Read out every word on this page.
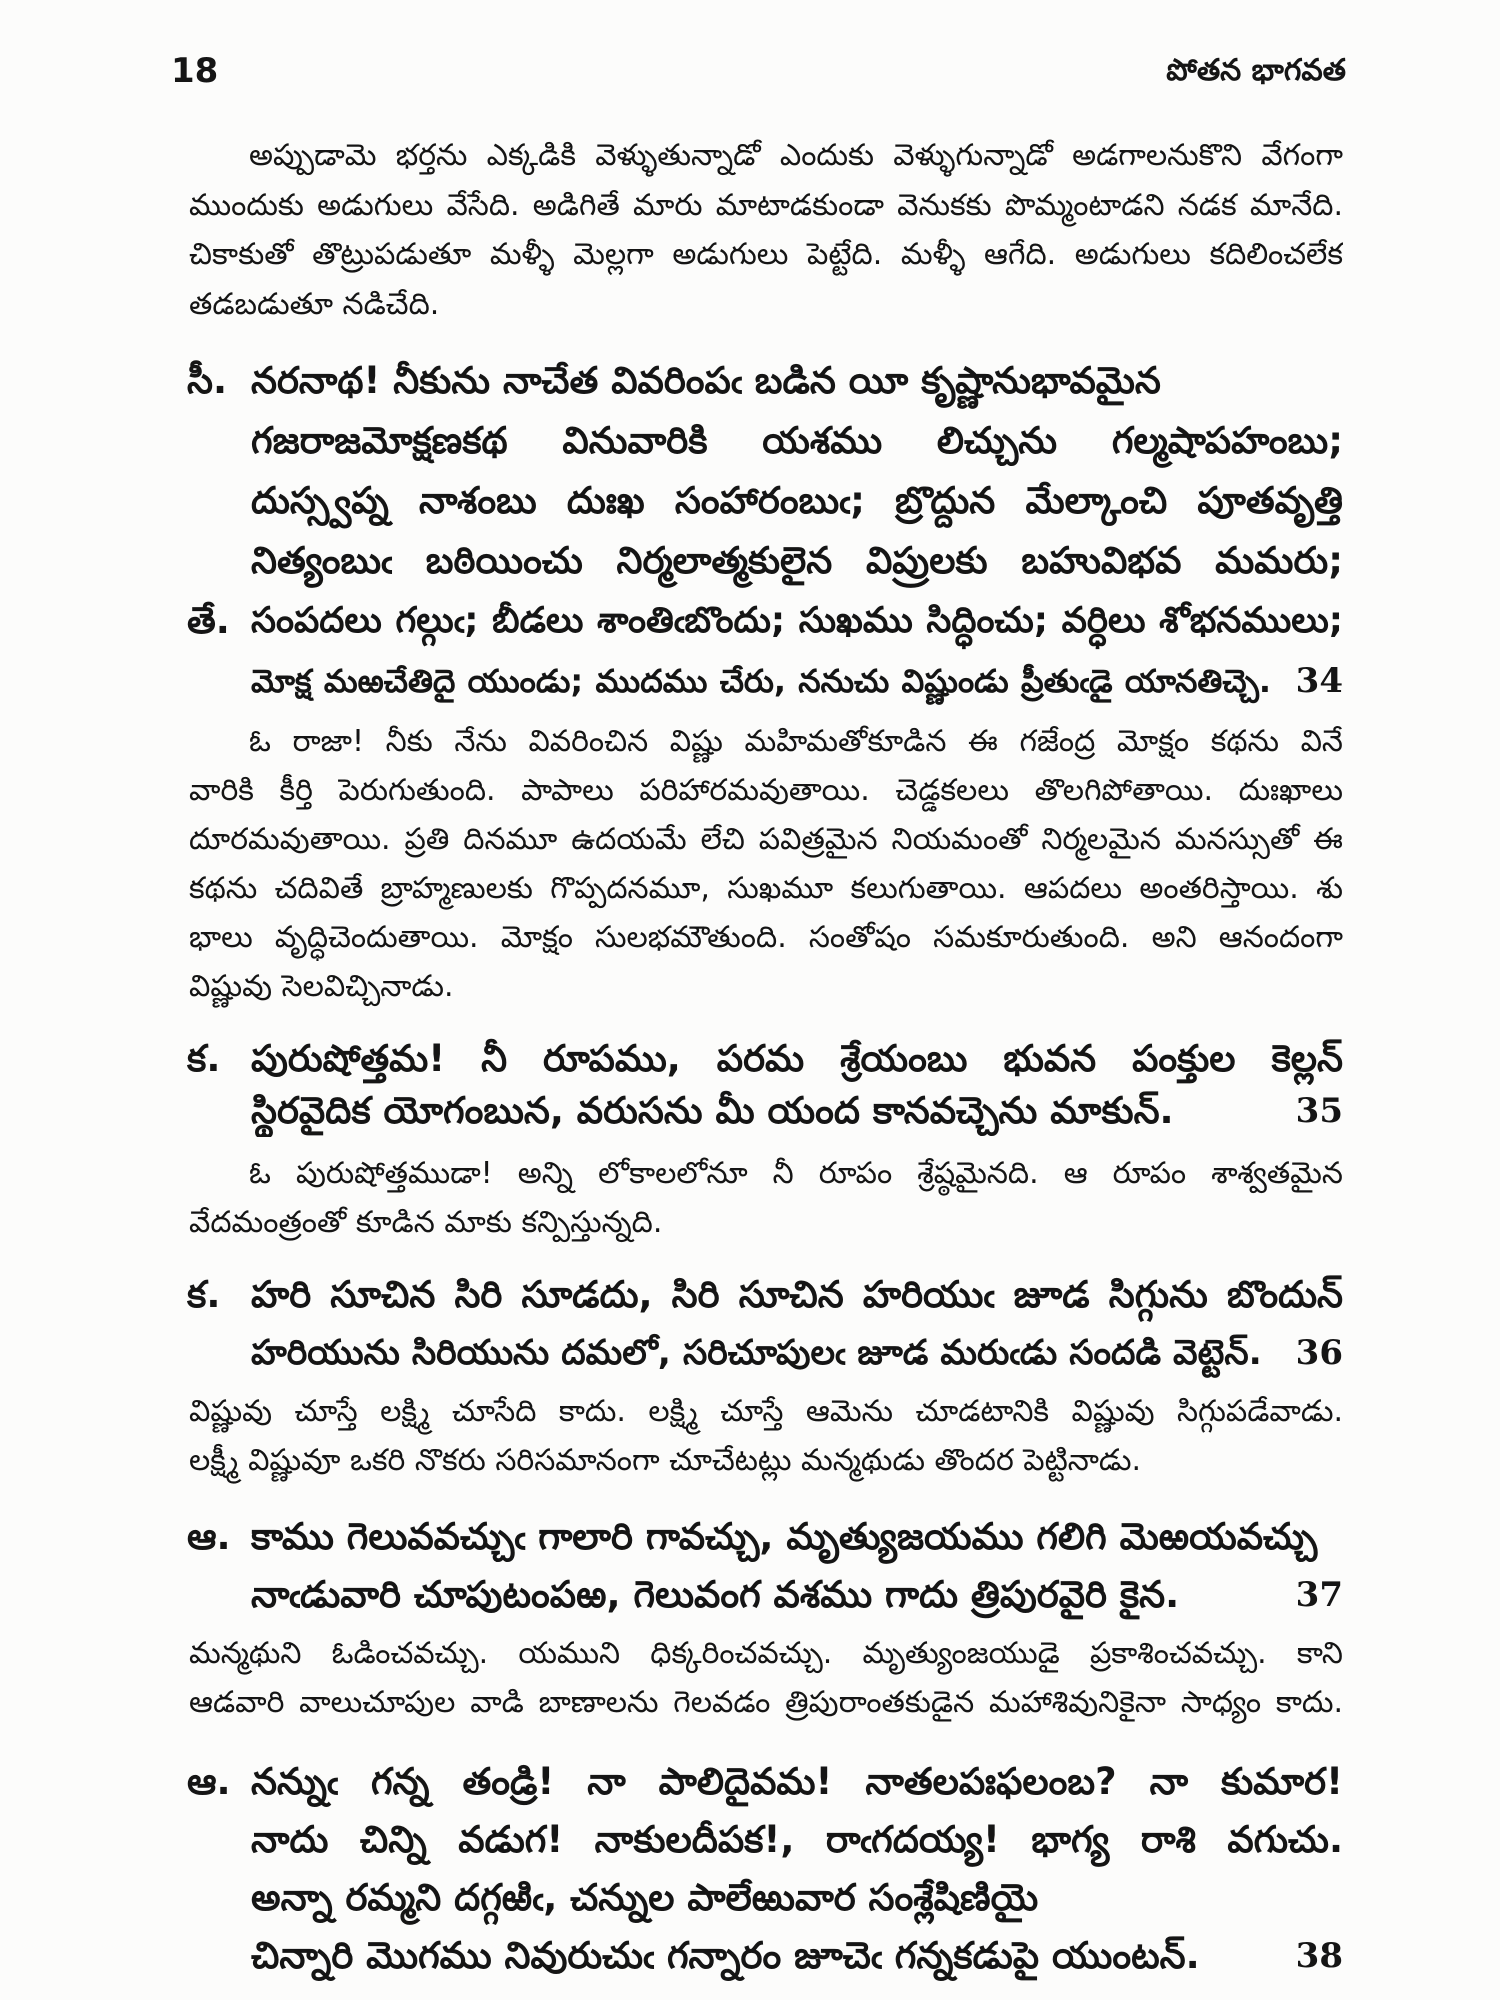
18	పోతన భాగవత
అప్పుడామె భర్తను ఎక్కడికి వెళ్ళుతున్నాడో ఎందుకు వెళ్ళుగున్నాడో అడగాలనుకొని వేగంగా
ముందుకు అడుగులు వేసేది. అడిగితే మారు మాటాడకుండా వెనుకకు పొమ్మంటాడని నడక మానేది.
చికాకుతో తొట్రుపడుతూ మళ్ళీ మెల్లగా అడుగులు పెట్టేది. మళ్ళీ ఆగేది. అడుగులు కదిలించలేక
తడబడుతూ నడిచేది.
సీ. నరనాథ! నీకును నాచేత వివరింపఁ బడిన యీ కృష్ణానుభావమైన
గజరాజమోక్షణకథ వినువారికి యశము లిచ్చును గల్మషాపహంబు;
దుస్స్వప్న నాశంబు దుఃఖ సంహారంబుఁ; బ్రొద్దున మేల్కాంచి పూతవృత్తి
నిత్యంబుఁ బఠియించు నిర్మలాత్మకులైన విప్రులకు బహువిభవ మమరు;
తే. సంపదలు గల్గుఁ; బీడలు శాంతిఁబొందు; సుఖము సిద్ధించు; వర్ధిలు శోభనములు;
మోక్ష మఱచేతిదై యుండు; ముదము చేరు, ననుచు విష్ణుండు ప్రీతుఁడై యానతిచ్చె. 34
ఓ రాజా! నీకు నేను వివరించిన విష్ణు మహిమతోకూడిన ఈ గజేంద్ర మోక్షం కథను వినే
వారికి కీర్తి పెరుగుతుంది. పాపాలు పరిహారమవుతాయి. చెడ్డకలలు తొలగిపోతాయి. దుఃఖాలు
దూరమవుతాయి. ప్రతి దినమూ ఉదయమే లేచి పవిత్రమైన నియమంతో నిర్మలమైన మనస్సుతో ఈ
కథను చదివితే బ్రాహ్మణులకు గొప్పదనమూ, సుఖమూ కలుగుతాయి. ఆపదలు అంతరిస్తాయి. శు
భాలు వృద్ధిచెందుతాయి. మోక్షం సులభమౌతుంది. సంతోషం సమకూరుతుంది. అని ఆనందంగా
విష్ణువు సెలవిచ్చినాడు.
క. పురుషోత్తమ! నీ రూపము, పరమ శ్రేయంబు భువన పంక్తుల కెల్లన్
స్థిరవైదిక యోగంబున, వరుసను మీ యంద కానవచ్చెను మాకున్.	35
ఓ పురుషోత్తముడా! అన్ని లోకాలలోనూ నీ రూపం శ్రేష్ఠమైనది. ఆ రూపం శాశ్వతమైన
వేదమంత్రంతో కూడిన మాకు కన్పిస్తున్నది.
క. హరి సూచిన సిరి సూడదు, సిరి సూచిన హరియుఁ జూడ సిగ్గును బొందున్
హరియును సిరియును దమలో, సరిచూపులఁ జూడ మరుఁడు సందడి వెట్టెన్. 36
విష్ణువు చూస్తే లక్ష్మి చూసేది కాదు. లక్ష్మి చూస్తే ఆమెను చూడటానికి విష్ణువు సిగ్గుపడేవాడు.
లక్ష్మీ విష్ణువూ ఒకరి నొకరు సరిసమానంగా చూచేటట్లు మన్మథుడు తొందర పెట్టినాడు.
ఆ. కాము గెలువవచ్చుఁ గాలారి గావచ్చు, మృత్యుజయము గలిగి మెఱయవచ్చు
నాఁడువారి చూపుటంపఱ, గెలువంగ వశము గాదు త్రిపురవైరి కైన.	37
మన్మథుని ఓడించవచ్చు. యముని ధిక్కరించవచ్చు. మృత్యుంజయుడై ప్రకాశించవచ్చు. కాని
ఆడవారి వాలుచూపుల వాడి బాణాలను గెలవడం త్రిపురాంతకుడైన మహాశివునికైనా సాధ్యం కాదు.
ఆ. నన్నుఁ గన్న తండ్రి! నా పాలిదైవమ! నాతలపఃఫలంబ? నా కుమార!
నాదు చిన్ని వడుగ! నాకులదీపక!, రాఁగదయ్య! భాగ్య రాశి వగుచు.
అన్నా రమ్మని దగ్గఱిఁ, చన్నుల పాలేఱువార సంశ్లేషిణియై
చిన్నారి మొగము నివురుచుఁ గన్నారం జూచెఁ గన్నకడుపై యుంటన్.	38
